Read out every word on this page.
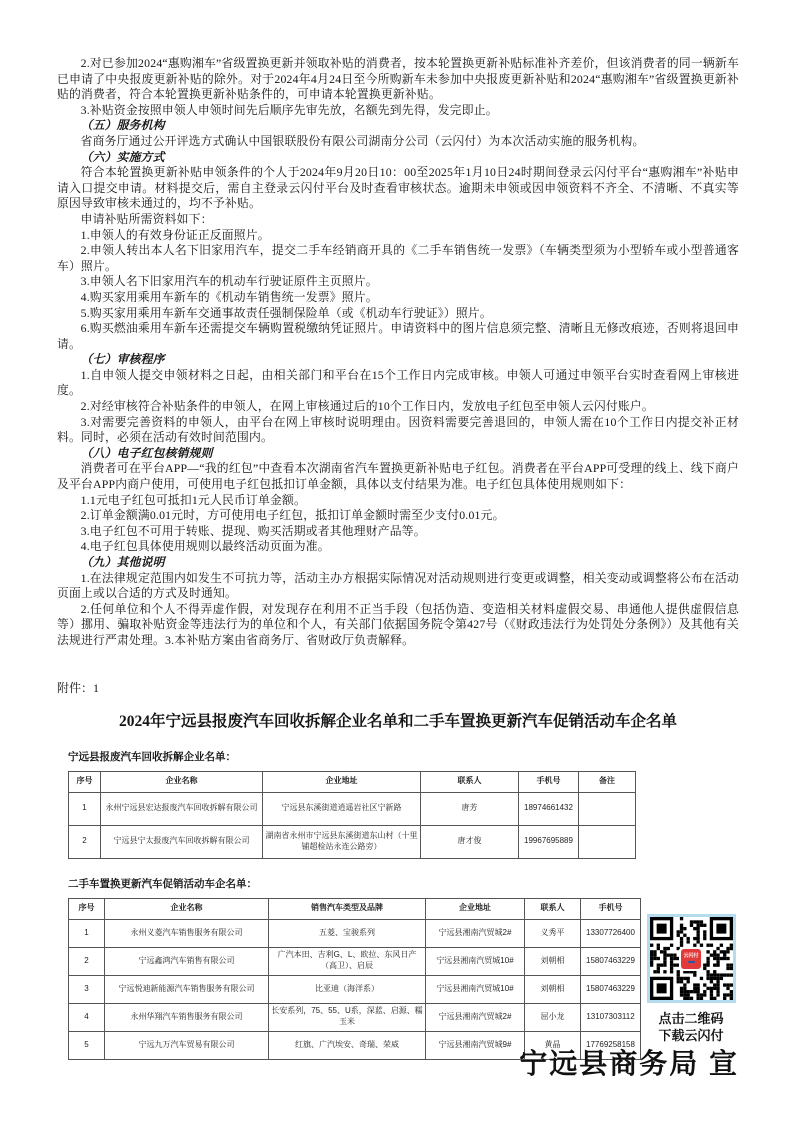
2.对已参加2024“惠购湘车”省级置换更新并领取补贴的消费者，按本轮置换更新补贴标准补齐差价，但该消费者的同一辆新车已申请了中央报废更新补贴的除外。对于2024年4月24日至今所购新车未参加中央报废更新补贴和2024“惠购湘车”省级置换更新补贴的消费者，符合本轮置换更新补贴条件的，可申请本轮置换更新补贴。

3.补贴资金按照申领人申领时间先后顺序先审先放，名额先到先得，发完即止。

（五）服务机构

省商务厅通过公开评选方式确认中国银联股份有限公司湖南分公司（云闪付）为本次活动实施的服务机构。

（六）实施方式

符合本轮置换更新补贴申领条件的个人于2024年9月20日10：00至2025年1月10日24时期间登录云闪付平台“惠购湘车”补贴申请入口提交申请。材料提交后，需自主登录云闪付平台及时查看审核状态。逾期未申领或因申领资料不齐全、不清晰、不真实等原因导致审核未通过的，均不予补贴。

申请补贴所需资料如下：

1.申领人的有效身份证正反面照片。

2.申领人转出本人名下旧家用汽车，提交二手车经销商开具的《二手车销售统一发票》（车辆类型须为小型轿车或小型普通客车）照片。

3.申领人名下旧家用汽车的机动车行驶证原件主页照片。

4.购买家用乘用车新车的《机动车销售统一发票》照片。

5.购买家用乘用车新车交通事故责任强制保险单（或《机动车行驶证》）照片。

6.购买燃油乘用车新车还需提交车辆购置税缴纳凭证照片。申请资料中的图片信息须完整、清晰且无修改痕迹，否则将退回申请。

（七）审核程序

1.自申领人提交申领材料之日起，由相关部门和平台在15个工作日内完成审核。申领人可通过申领平台实时查看网上审核进度。

2.对经审核符合补贴条件的申领人，在网上审核通过后的10个工作日内，发放电子红包至申领人云闪付账户。

3.对需要完善资料的申领人，由平台在网上审核时说明理由。因资料需要完善退回的，申领人需在10个工作日内提交补正材料。同时，必须在活动有效时间范围内。

（八）电子红包核销规则

消费者可在平台APP—“我的红包”中查看本次湖南省汽车置换更新补贴电子红包。消费者在平台APP可受理的线上、线下商户及平台APP内商户使用，可使用电子红包抵扣订单金额，具体以支付结果为准。电子红包具体使用规则如下：

1.1元电子红包可抵扣1元人民币订单金额。

2.订单金额满0.01元时，方可使用电子红包，抵扣订单金额时需至少支付0.01元。

3.电子红包不可用于转账、提现、购买活期或者其他理财产品等。

4.电子红包具体使用规则以最终活动页面为准。

（九）其他说明

1.在法律规定范围内如发生不可抗力等，活动主办方根据实际情况对活动规则进行变更或调整，相关变动或调整将公布在活动页面上或以合适的方式及时通知。

2.任何单位和个人不得弄虚作假，对发现存在利用不正当手段（包括伪造、变造相关材料虚假交易、串通他人提供虚假信息等）挪用、骗取补贴资金等违法行为的单位和个人，有关部门依据国务院令第427号（《财政违法行为处罚处分条例》）及其他有关法规进行严肃处理。3.本补贴方案由省商务厅、省财政厅负责解释。

附件：1
2024年宁远县报废汽车回收拆解企业名单和二手车置换更新汽车促销活动车企名单
宁远县报废汽车回收拆解企业名单：
序号	企业名称	企业地址	联系人	手机号	备注
1	永州宁远县宏达报废汽车回收拆解有限公司	宁远县东溪街道逍遥岩社区宁新路	唐芳	18974661432	
2	宁远县宁太报废汽车回收拆解有限公司	湖南省永州市宁远县东溪街道东山村（十里铺超检站永连公路旁）	唐才俊	19967695889	
二手车置换更新汽车促销活动车企名单：
序号	企业名称	销售汽车类型及品牌	企业地址	联系人	手机号
1	永州义菱汽车销售服务有限公司	五菱、宝骏系列	宁远县湘南汽贸城2#	义秀平	13307726400
2	宁远鑫鸿汽车销售有限公司	广汽本田、吉利G、L、欧拉、东风日产（高卫）、启辰	宁远县湘南汽贸城10#	刘朝相	15807463229
3	宁远悦迪新能源汽车销售服务有限公司	比亚迪（海洋系）	宁远县湘南汽贸城10#	刘朝相	15807463229
4	永州华翔汽车销售服务有限公司	长安系列，75、55、U系，深蓝、启源、糯玉米	宁远县湘南汽贸城2#	屈小龙	13107303112
5	宁远九万汽车贸易有限公司	红旗、广汽埃安、奇瑞、荣威	宁远县湘南汽贸城9#	黄晶	17769258158
云闪付
点击二维码
下载云闪付
宁远县商务局 宣
